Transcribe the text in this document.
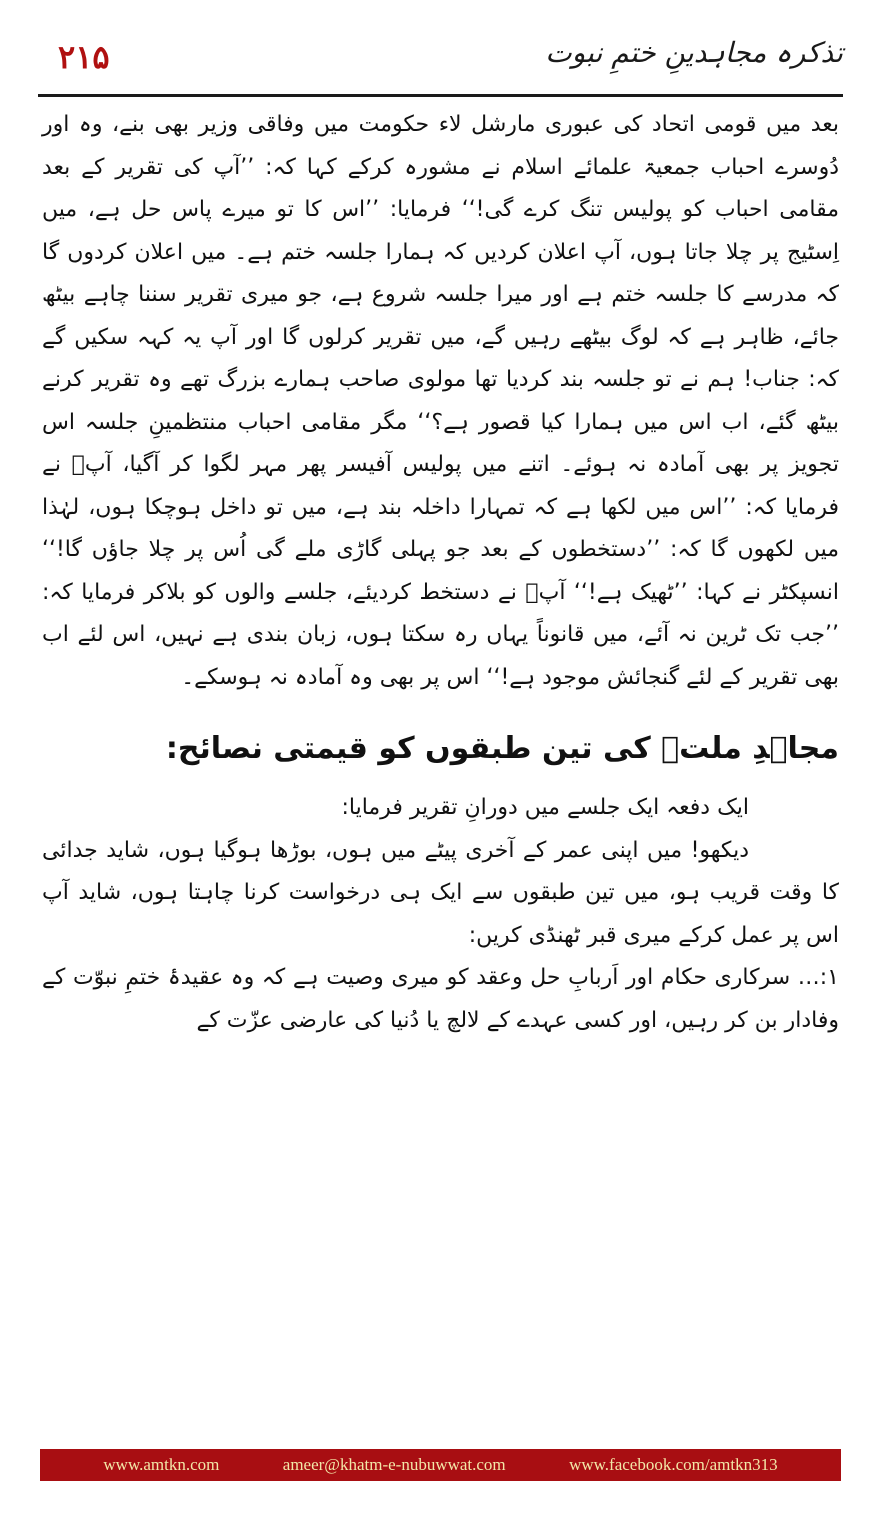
۲۱۵	تذکرہ مجاہدینِ ختمِ نبوت

بعد میں قومی اتحاد کی عبوری مارشل لاء حکومت میں وفاقی وزیر بھی بنے، وہ اور دُوسرے احباب جمعیۃ علمائے اسلام نے مشورہ کرکے کہا کہ: ’’آپ کی تقریر کے بعد مقامی احباب کو پولیس تنگ کرے گی!‘‘ فرمایا: ’’اس کا تو میرے پاس حل ہے، میں اِسٹیج پر چلا جاتا ہوں، آپ اعلان کردیں کہ ہمارا جلسہ ختم ہے۔ میں اعلان کردوں گا کہ مدرسے کا جلسہ ختم ہے اور میرا جلسہ شروع ہے، جو میری تقریر سننا چاہے بیٹھ جائے، ظاہر ہے کہ لوگ بیٹھے رہیں گے، میں تقریر کرلوں گا اور آپ یہ کہہ سکیں گے کہ: جناب! ہم نے تو جلسہ بند کردیا تھا مولوی صاحب ہمارے بزرگ تھے وہ تقریر کرنے بیٹھ گئے، اب اس میں ہمارا کیا قصور ہے؟‘‘ مگر مقامی احباب منتظمینِ جلسہ اس تجویز پر بھی آمادہ نہ ہوئے۔ اتنے میں پولیس آفیسر پھر مہر لگوا کر آگیا، آپؒ نے فرمایا کہ: ’’اس میں لکھا ہے کہ تمہارا داخلہ بند ہے، میں تو داخل ہوچکا ہوں، لہٰذا میں لکھوں گا کہ: ’’دستخطوں کے بعد جو پہلی گاڑی ملے گی اُس پر چلا جاؤں گا!‘‘ انسپکٹر نے کہا: ’’ٹھیک ہے!‘‘ آپؒ نے دستخط کردیئے، جلسے والوں کو بلاکر فرمایا کہ: ’’جب تک ٹرین نہ آئے، میں قانوناً یہاں رہ سکتا ہوں، زبان بندی ہے نہیں، اس لئے اب بھی تقریر کے لئے گنجائش موجود ہے!‘‘ اس پر بھی وہ آمادہ نہ ہوسکے۔

مجاہدِ ملتؒ کی تین طبقوں کو قیمتی نصائح:

ایک دفعہ ایک جلسے میں دورانِ تقریر فرمایا:

دیکھو! میں اپنی عمر کے آخری پیٹے میں ہوں، بوڑھا ہوگیا ہوں، شاید جدائی کا وقت قریب ہو، میں تین طبقوں سے ایک ہی درخواست کرنا چاہتا ہوں، شاید آپ اس پر عمل کرکے میری قبر ٹھنڈی کریں:

۱:… سرکاری حکام اور اَربابِ حل وعقد کو میری وصیت ہے کہ وہ عقیدۂ ختمِ نبوّت کے وفادار بن کر رہیں، اور کسی عہدے کے لالچ یا دُنیا کی عارضی عزّت کے

www.amtkn.com	ameer@khatm-e-nubuwwat.com	www.facebook.com/amtkn313
